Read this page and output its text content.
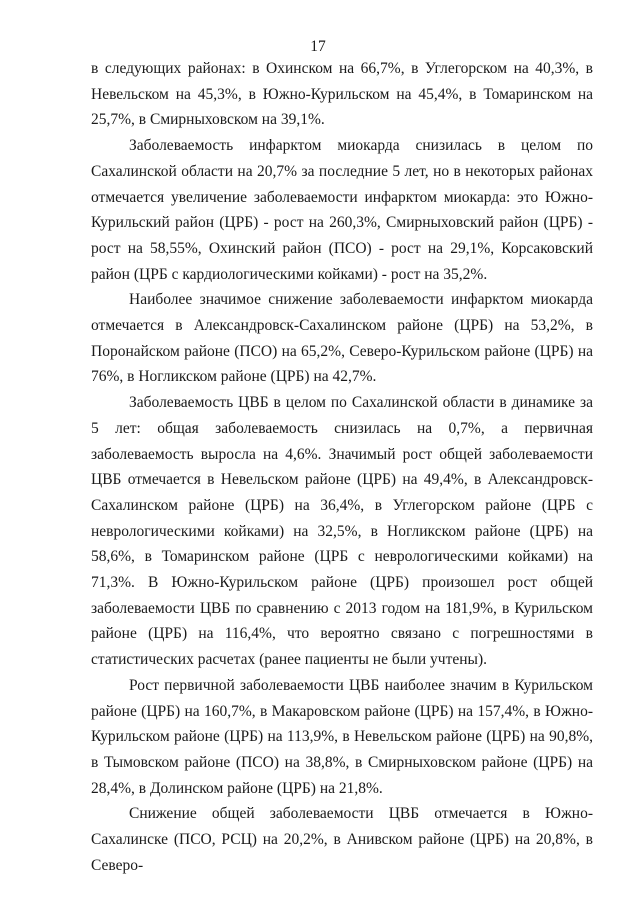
17

в следующих районах: в Охинском на 66,7%, в Углегорском на 40,3%, в Невельском на 45,3%, в Южно-Курильском на 45,4%, в Томаринском на 25,7%, в Смирныховском на 39,1%.

Заболеваемость инфарктом миокарда снизилась в целом по Сахалинской области на 20,7% за последние 5 лет, но в некоторых районах отмечается увеличение заболеваемости инфарктом миокарда: это Южно-Курильский район (ЦРБ) - рост на 260,3%, Смирныховский район (ЦРБ) - рост на 58,55%, Охинский район (ПСО) - рост на 29,1%, Корсаковский район (ЦРБ с кардиологическими койками) - рост на 35,2%.

Наиболее значимое снижение заболеваемости инфарктом миокарда отмечается в Александровск-Сахалинском районе (ЦРБ) на 53,2%, в Поронайском районе (ПСО) на 65,2%, Северо-Курильском районе (ЦРБ) на 76%, в Ногликском районе (ЦРБ) на 42,7%.

Заболеваемость ЦВБ в целом по Сахалинской области в динамике за 5 лет: общая заболеваемость снизилась на 0,7%, а первичная заболеваемость выросла на 4,6%. Значимый рост общей заболеваемости ЦВБ отмечается в Невельском районе (ЦРБ) на 49,4%, в Александровск-Сахалинском районе (ЦРБ) на 36,4%, в Углегорском районе (ЦРБ с неврологическими койками) на 32,5%, в Ногликском районе (ЦРБ) на 58,6%, в Томаринском районе (ЦРБ с неврологическими койками) на 71,3%. В Южно-Курильском районе (ЦРБ) произошел рост общей заболеваемости ЦВБ по сравнению с 2013 годом на 181,9%, в Курильском районе (ЦРБ) на 116,4%, что вероятно связано с погрешностями в статистических расчетах (ранее пациенты не были учтены).

Рост первичной заболеваемости ЦВБ наиболее значим в Курильском районе (ЦРБ) на 160,7%, в Макаровском районе (ЦРБ) на 157,4%, в Южно-Курильском районе (ЦРБ) на 113,9%, в Невельском районе (ЦРБ) на 90,8%, в Тымовском районе (ПСО) на 38,8%, в Смирныховском районе (ЦРБ) на 28,4%, в Долинском районе (ЦРБ) на 21,8%.

Снижение общей заболеваемости ЦВБ отмечается в Южно- Сахалинске (ПСО, РСЦ) на 20,2%, в Анивском районе (ЦРБ) на 20,8%, в Северо-
